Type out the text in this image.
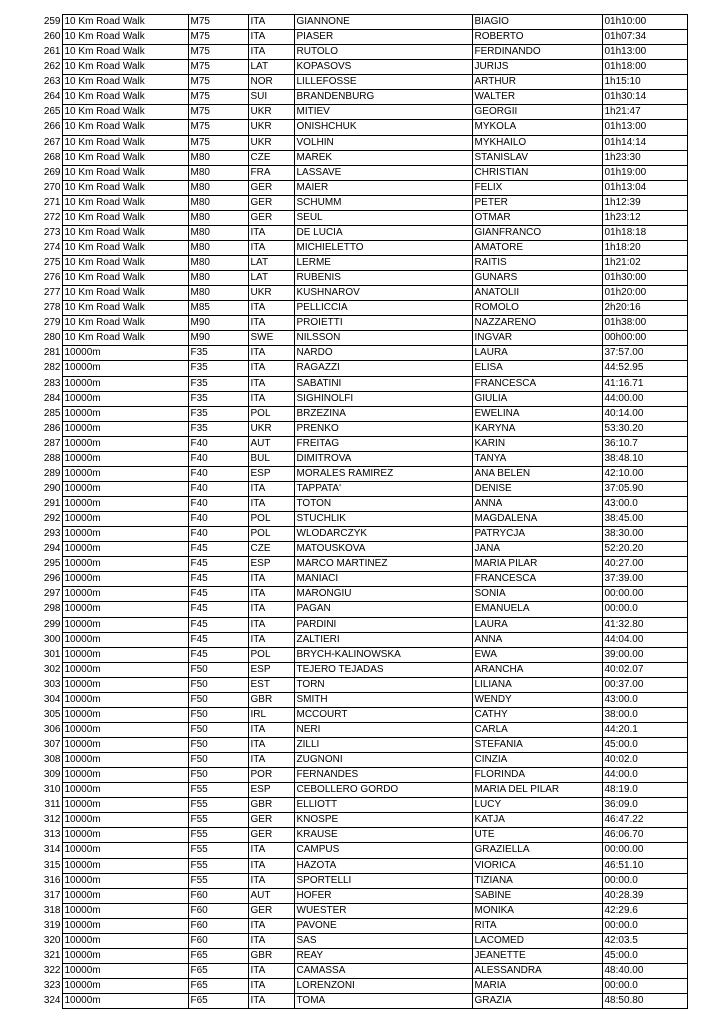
259	10 Km Road Walk	M75	ITA	GIANNONE	BIAGIO	01h10:00
260	10 Km Road Walk	M75	ITA	PIASER	ROBERTO	01h07:34
261	10 Km Road Walk	M75	ITA	RUTOLO	FERDINANDO	01h13:00
262	10 Km Road Walk	M75	LAT	KOPASOVS	JURIJS	01h18:00
263	10 Km Road Walk	M75	NOR	LILLEFOSSE	ARTHUR	1h15:10
264	10 Km Road Walk	M75	SUI	BRANDENBURG	WALTER	01h30:14
265	10 Km Road Walk	M75	UKR	MITIEV	GEORGII	1h21:47
266	10 Km Road Walk	M75	UKR	ONISHCHUK	MYKOLA	01h13:00
267	10 Km Road Walk	M75	UKR	VOLHIN	MYKHAILO	01h14:14
268	10 Km Road Walk	M80	CZE	MAREK	STANISLAV	1h23:30
269	10 Km Road Walk	M80	FRA	LASSAVE	CHRISTIAN	01h19:00
270	10 Km Road Walk	M80	GER	MAIER	FELIX	01h13:04
271	10 Km Road Walk	M80	GER	SCHUMM	PETER	1h12:39
272	10 Km Road Walk	M80	GER	SEUL	OTMAR	1h23:12
273	10 Km Road Walk	M80	ITA	DE LUCIA	GIANFRANCO	01h18:18
274	10 Km Road Walk	M80	ITA	MICHIELETTO	AMATORE	1h18:20
275	10 Km Road Walk	M80	LAT	LERME	RAITIS	1h21:02
276	10 Km Road Walk	M80	LAT	RUBENIS	GUNARS	01h30:00
277	10 Km Road Walk	M80	UKR	KUSHNAROV	ANATOLII	01h20:00
278	10 Km Road Walk	M85	ITA	PELLICCIA	ROMOLO	2h20:16
279	10 Km Road Walk	M90	ITA	PROIETTI	NAZZARENO	01h38:00
280	10 Km Road Walk	M90	SWE	NILSSON	INGVAR	00h00:00
281	10000m	F35	ITA	NARDO	LAURA	37:57.00
282	10000m	F35	ITA	RAGAZZI	ELISA	44:52.95
283	10000m	F35	ITA	SABATINI	FRANCESCA	41:16.71
284	10000m	F35	ITA	SIGHINOLFI	GIULIA	44:00.00
285	10000m	F35	POL	BRZEZINA	EWELINA	40:14.00
286	10000m	F35	UKR	PRENKO	KARYNA	53:30.20
287	10000m	F40	AUT	FREITAG	KARIN	36:10.7
288	10000m	F40	BUL	DIMITROVA	TANYA	38:48.10
289	10000m	F40	ESP	MORALES RAMIREZ	ANA BELEN	42:10.00
290	10000m	F40	ITA	TAPPATA'	DENISE	37:05.90
291	10000m	F40	ITA	TOTON	ANNA	43:00.0
292	10000m	F40	POL	STUCHLIK	MAGDALENA	38:45.00
293	10000m	F40	POL	WLODARCZYK	PATRYCJA	38:30.00
294	10000m	F45	CZE	MATOUSKOVA	JANA	52:20.20
295	10000m	F45	ESP	MARCO MARTINEZ	MARIA PILAR	40:27.00
296	10000m	F45	ITA	MANIACI	FRANCESCA	37:39.00
297	10000m	F45	ITA	MARONGIU	SONIA	00:00.00
298	10000m	F45	ITA	PAGAN	EMANUELA	00:00.0
299	10000m	F45	ITA	PARDINI	LAURA	41:32.80
300	10000m	F45	ITA	ZALTIERI	ANNA	44:04.00
301	10000m	F45	POL	BRYCH-KALINOWSKA	EWA	39:00.00
302	10000m	F50	ESP	TEJERO TEJADAS	ARANCHA	40:02.07
303	10000m	F50	EST	TORN	LILIANA	00:37.00
304	10000m	F50	GBR	SMITH	WENDY	43:00.0
305	10000m	F50	IRL	MCCOURT	CATHY	38:00.0
306	10000m	F50	ITA	NERI	CARLA	44:20.1
307	10000m	F50	ITA	ZILLI	STEFANIA	45:00.0
308	10000m	F50	ITA	ZUGNONI	CINZIA	40:02.0
309	10000m	F50	POR	FERNANDES	FLORINDA	44:00.0
310	10000m	F55	ESP	CEBOLLERO GORDO	MARIA DEL PILAR	48:19.0
311	10000m	F55	GBR	ELLIOTT	LUCY	36:09.0
312	10000m	F55	GER	KNOSPE	KATJA	46:47.22
313	10000m	F55	GER	KRAUSE	UTE	46:06.70
314	10000m	F55	ITA	CAMPUS	GRAZIELLA	00:00.00
315	10000m	F55	ITA	HAZOTA	VIORICA	46:51.10
316	10000m	F55	ITA	SPORTELLI	TIZIANA	00:00.0
317	10000m	F60	AUT	HOFER	SABINE	40:28.39
318	10000m	F60	GER	WUESTER	MONIKA	42:29.6
319	10000m	F60	ITA	PAVONE	RITA	00:00.0
320	10000m	F60	ITA	SAS	LACOMED	42:03.5
321	10000m	F65	GBR	REAY	JEANETTE	45:00.0
322	10000m	F65	ITA	CAMASSA	ALESSANDRA	48:40.00
323	10000m	F65	ITA	LORENZONI	MARIA	00:00.0
324	10000m	F65	ITA	TOMA	GRAZIA	48:50.80
